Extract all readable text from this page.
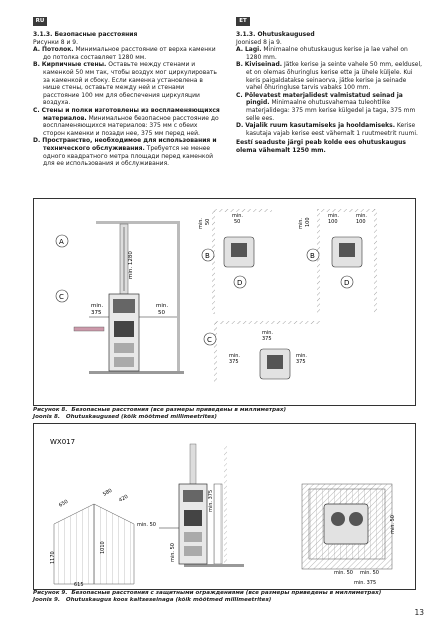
RU	ET

3.1.3. Безопасные расстояния

Рисунки 8 и 9.

A. Потолок. Минимальное расстояние от верха каменки до потолка составляет 1280 мм.

B. Кирпичные стены. Оставьте между стенами и каменкой 50 мм так, чтобы воздух мог циркулировать за каменкой и сбоку. Если каменка установлена в нише стены, оставьте между ней и стенами расстояние 100 мм для обеспечения циркуляции воздуха.

C. Стены и полки изготовлены из воспламеняющихся материалов. Минимальное безопасное расстояние до воспламеняющихся материалов: 375 мм с обеих сторон каменки и позади нее, 375 мм перед ней.

D. Пространство, необходимое для использования и технического обслуживания. Требуется не менее одного квадратного метра площади перед каменкой для ее использования и обслуживания.

3.1.3. Ohutuskaugused

Joonised 8 ja 9.

A. Lagi. Minimaalne ohutuskaugus kerise ja lae vahel on 1280 mm.

B. Kiviseinad. Jätke kerise ja seinte vahele 50 mm, eeldusel, et on olemas õhuringlus kerise ette ja ühele küljele. Kui keris paigaldatakse seinaorva, jätke kerise ja seinade vahel õhuringluse tarvis vabaks 100 mm.

C. Põlevatest materjalidest valmistatud seinad ja pingid. Minimaalne ohutusvahemaa tuleohtlike materjalidega: 375 mm kerise külgedel ja taga, 375 mm selle ees.

D. Vajalik ruum kasutamiseks ja hooldamiseks. Kerise kasutaja vajab kerise eest vähemalt 1 ruutmeetrit ruumi.

Eestí seaduste järgi peab kolde ees ohutuskaugus olema vähemalt 1250 mm.

min. 1280
min.
375
min.
50
A
C
min. 50
min.
50
B
D
min. 100
min.
100
min.
100
B
D
min.
375
min.
375
min.
375
C
Рисунок 8. Безопасные расстояния (все размеры приведены в миллиметрах)
Joonis 8. Ohutuskaugused (kõik mõõtmed millimeetrites)
WX017
650
580
420
1170
1010
615
min. 50
min. 375
min. 50
min. 50
min. 50 min. 50
min. 375
Рисунок 9. Безопасные расстояния с защитными ограждениями (все размеры приведены в миллиметрах)
Joonis 9. Ohutuskaugus koos kaitseseinaga (kõik mõõtmed millimeetrites)
13
